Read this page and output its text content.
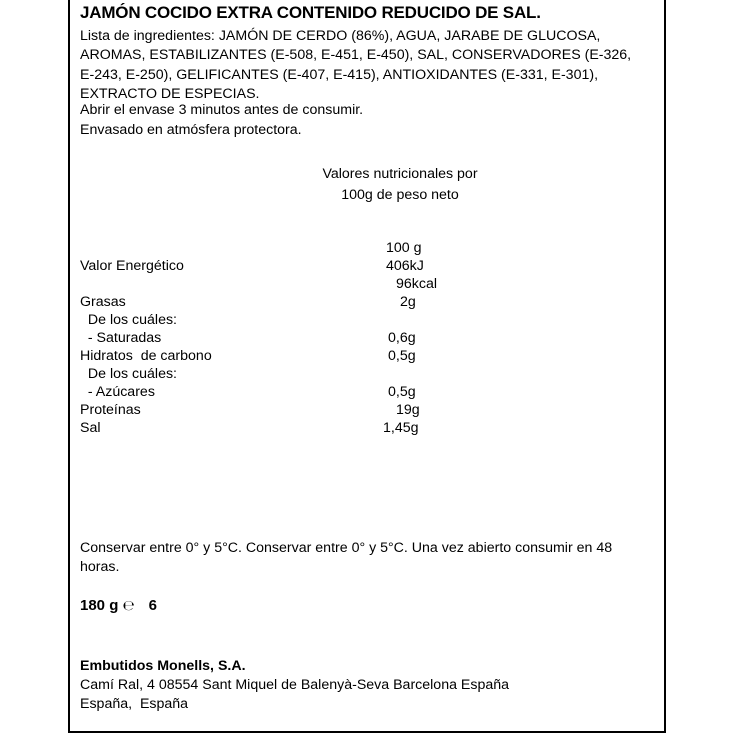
JAMÓN COCIDO EXTRA CONTENIDO REDUCIDO DE SAL.
Lista de ingredientes: JAMÓN DE CERDO (86%), AGUA, JARABE DE GLUCOSA, AROMAS, ESTABILIZANTES (E-508, E-451, E-450), SAL, CONSERVADORES (E-326, E-243, E-250), GELIFICANTES (E-407, E-415), ANTIOXIDANTES (E-331, E-301), EXTRACTO DE ESPECIAS.
Abrir el envase 3 minutos antes de consumir.
Envasado en atmósfera protectora.
Valores nutricionales por
100g de peso neto
100 g
Valor Energético	406kJ
96kcal
Grasas	2g
De los cuáles:
- Saturadas	0,6g
Hidratos  de carbono	0,5g
De los cuáles:
- Azúcares	0,5g
Proteínas	19g
Sal	1,45g
Conservar entre 0° y 5°C. Conservar entre 0° y 5°C. Una vez abierto consumir en 48 horas.
180 g ℮ 6
Embutidos Monells, S.A.
Camí Ral, 4 08554 Sant Miquel de Balenyà-Seva Barcelona España
España,  España
